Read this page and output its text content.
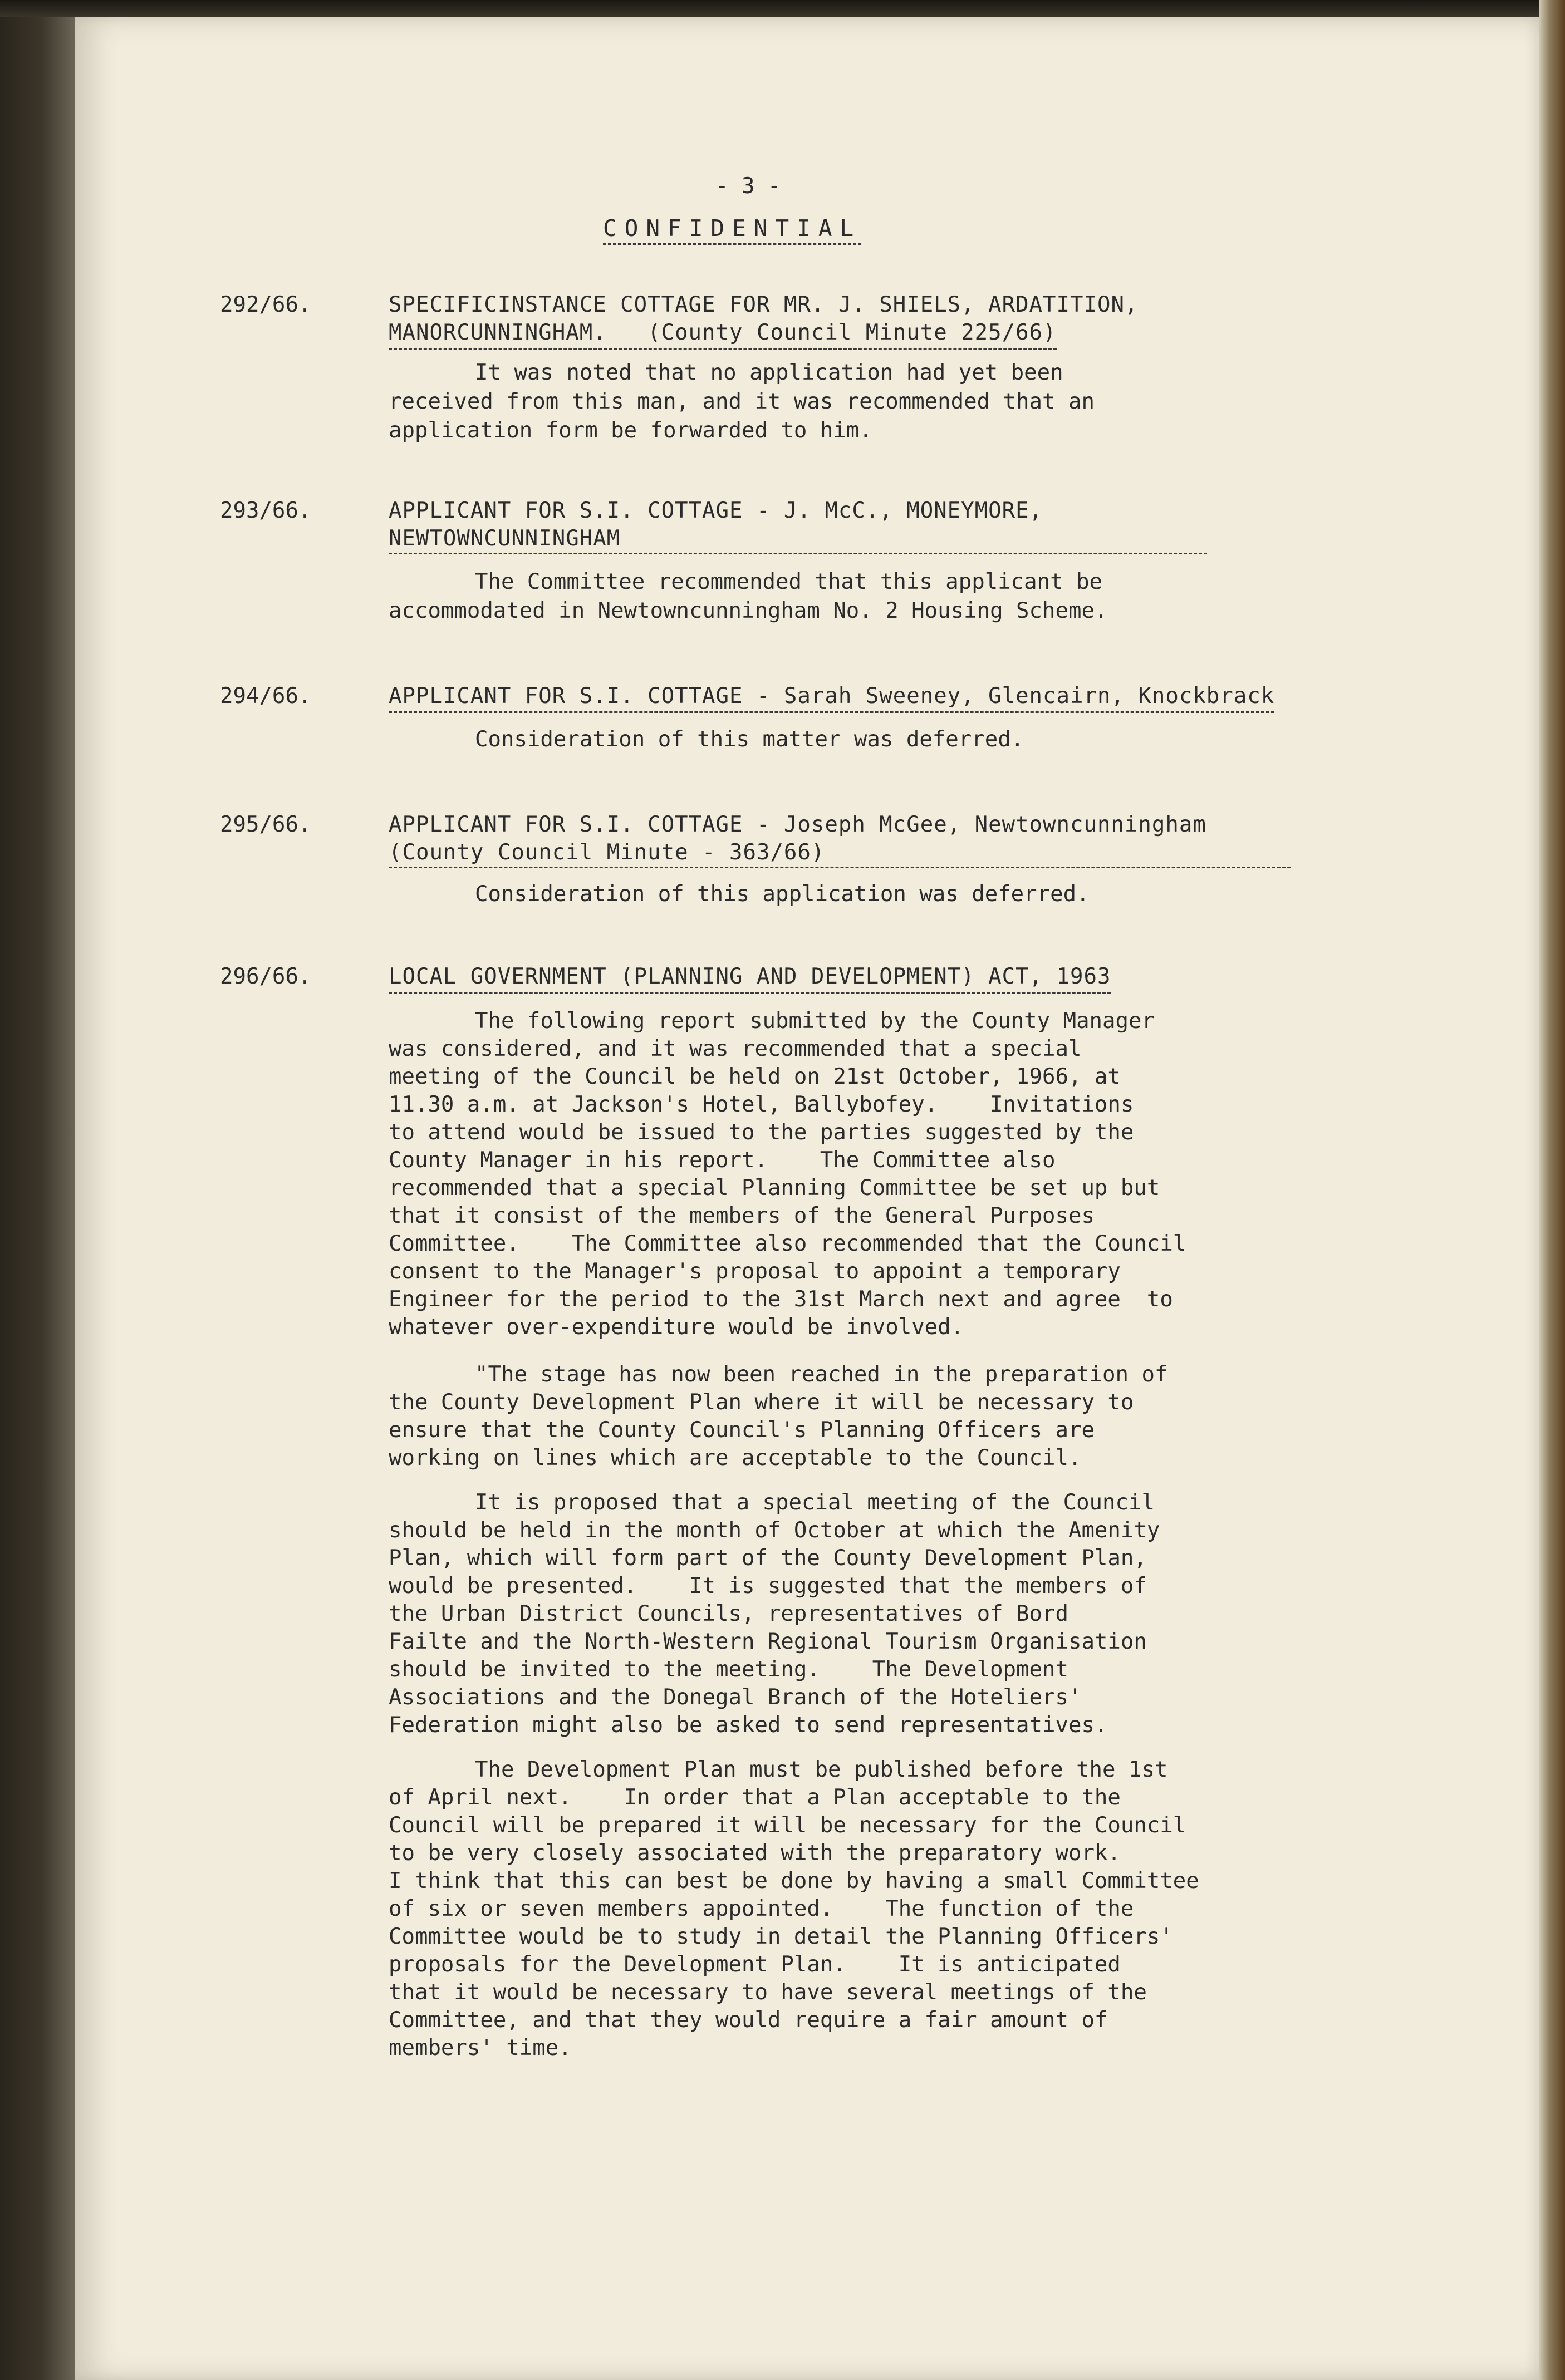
- 3 -
CONFIDENTIAL
292/66.	SPECIFICINSTANCE COTTAGE FOR MR. J. SHIELS, ARDATITION,
MANORCUNNINGHAM.   (County Council Minute 225/66)
It was noted that no application had yet been
received from this man, and it was recommended that an
application form be forwarded to him.
293/66.	APPLICANT FOR S.I. COTTAGE - J. McC., MONEYMORE,
NEWTOWNCUNNINGHAM
The Committee recommended that this applicant be
accommodated in Newtowncunningham No. 2 Housing Scheme.
294/66.	APPLICANT FOR S.I. COTTAGE - Sarah Sweeney, Glencairn, Knockbrack
Consideration of this matter was deferred.
295/66.	APPLICANT FOR S.I. COTTAGE - Joseph McGee, Newtowncunningham
(County Council Minute - 363/66)
Consideration of this application was deferred.
296/66.	LOCAL GOVERNMENT (PLANNING AND DEVELOPMENT) ACT, 1963
The following report submitted by the County Manager
was considered, and it was recommended that a special
meeting of the Council be held on 21st October, 1966, at
11.30 a.m. at Jackson's Hotel, Ballybofey.    Invitations
to attend would be issued to the parties suggested by the
County Manager in his report.    The Committee also
recommended that a special Planning Committee be set up but
that it consist of the members of the General Purposes
Committee.    The Committee also recommended that the Council
consent to the Manager's proposal to appoint a temporary
Engineer for the period to the 31st March next and agree  to
whatever over-expenditure would be involved.
"The stage has now been reached in the preparation of
the County Development Plan where it will be necessary to
ensure that the County Council's Planning Officers are
working on lines which are acceptable to the Council.
It is proposed that a special meeting of the Council
should be held in the month of October at which the Amenity
Plan, which will form part of the County Development Plan,
would be presented.    It is suggested that the members of
the Urban District Councils, representatives of Bord
Failte and the North-Western Regional Tourism Organisation
should be invited to the meeting.    The Development
Associations and the Donegal Branch of the Hoteliers'
Federation might also be asked to send representatives.
The Development Plan must be published before the 1st
of April next.    In order that a Plan acceptable to the
Council will be prepared it will be necessary for the Council
to be very closely associated with the preparatory work.
I think that this can best be done by having a small Committee
of six or seven members appointed.    The function of the
Committee would be to study in detail the Planning Officers'
proposals for the Development Plan.    It is anticipated
that it would be necessary to have several meetings of the
Committee, and that they would require a fair amount of
members' time.
